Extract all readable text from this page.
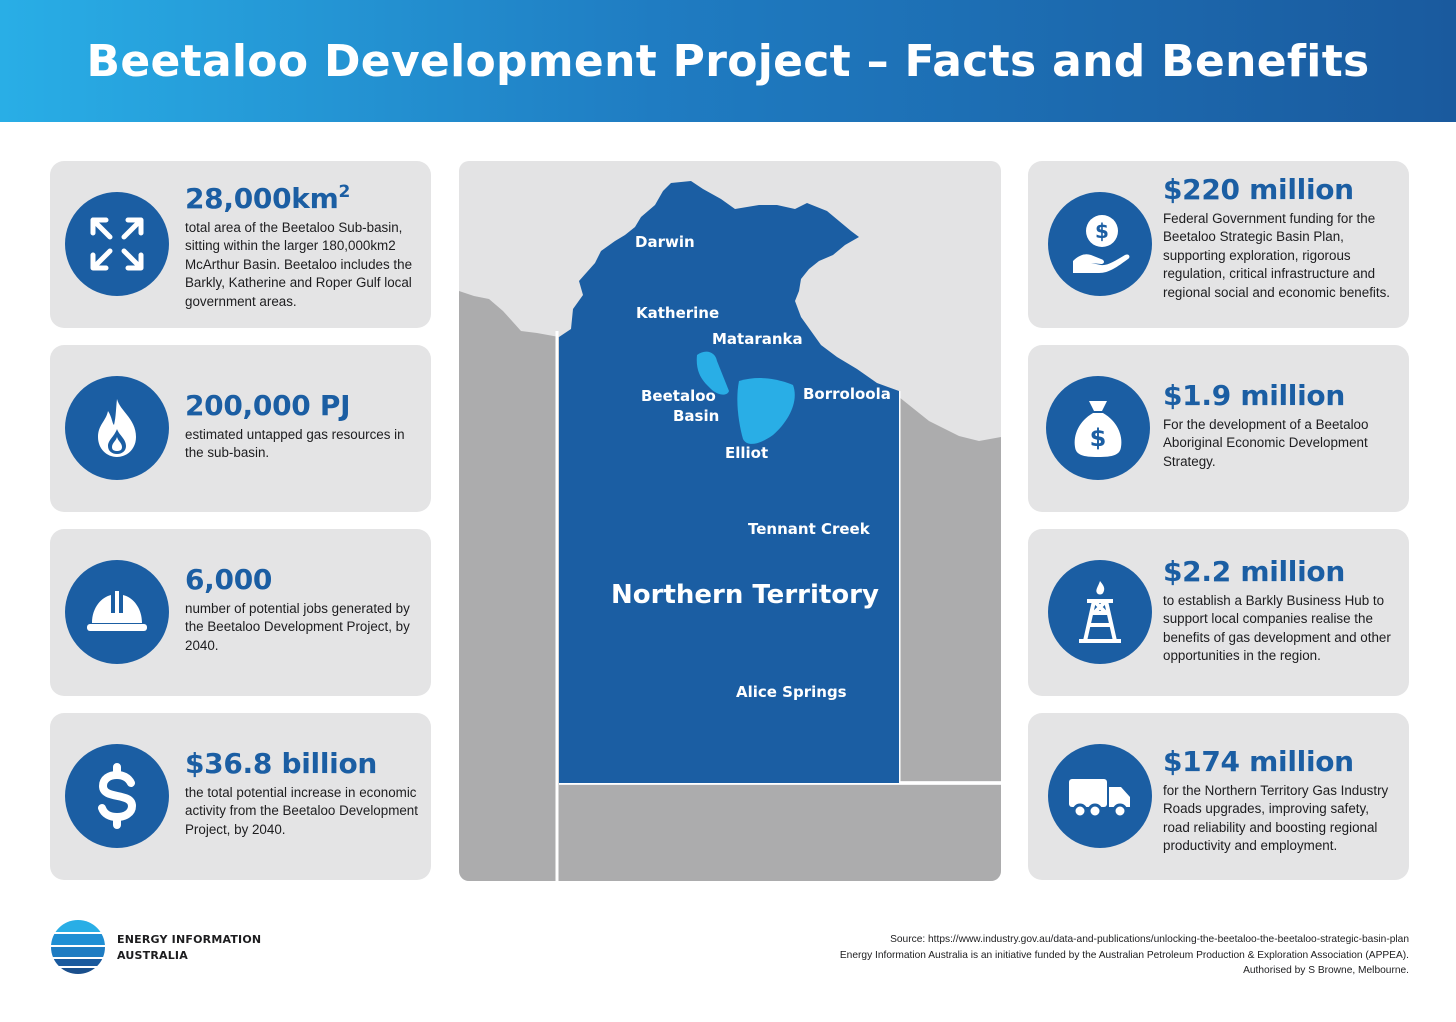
Beetaloo Development Project – Facts and Benefits
$28,000km^2$
total area of the Beetaloo Sub-basin, sitting within the larger 180,000km2 McArthur Basin. Beetaloo includes the Barkly, Katherine and Roper Gulf local government areas.
200,000 PJ
estimated untapped gas resources in the sub-basin.
6,000
number of potential jobs generated by the Beetaloo Development Project, by 2040.
$36.8 billion
the total potential increase in economic activity from the Beetaloo Development Project, by 2040.
Darwin
Katherine
Mataranka
Beetaloo
Basin
Borroloola
Elliot
Tennant Creek
Northern Territory
Alice Springs
$
$220 million
Federal Government funding for the Beetaloo Strategic Basin Plan, supporting exploration, rigorous regulation, critical infrastructure and regional social and economic benefits.
$
$1.9 million
For the development of a Beetaloo Aboriginal Economic Development Strategy.
$2.2 million
to establish a Barkly Business Hub to support local companies realise the benefits of gas development and other opportunities in the region.
$174 million
for the Northern Territory Gas Industry Roads upgrades, improving safety, road reliability and boosting regional productivity and employment.
ENERGY INFORMATION
AUSTRALIA
Source: https://www.industry.gov.au/data-and-publications/unlocking-the-beetaloo-the-beetaloo-strategic-basin-plan
Energy Information Australia is an initiative funded by the Australian Petroleum Production & Exploration Association (APPEA).
Authorised by S Browne, Melbourne.
